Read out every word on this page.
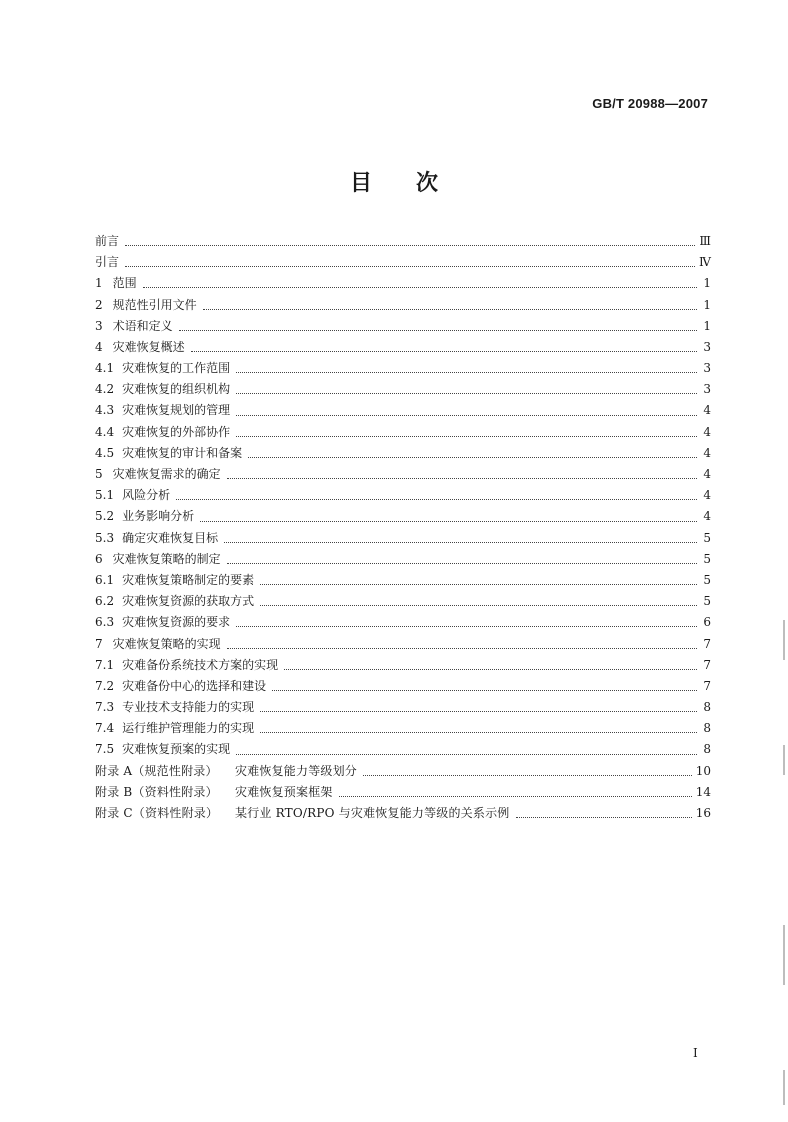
GB/T 20988—2007
目 次
前言	Ⅲ
引言	Ⅳ
1 范围	1
2 规范性引用文件	1
3 术语和定义	1
4 灾难恢复概述	3
4.1 灾难恢复的工作范围	3
4.2 灾难恢复的组织机构	3
4.3 灾难恢复规划的管理	4
4.4 灾难恢复的外部协作	4
4.5 灾难恢复的审计和备案	4
5 灾难恢复需求的确定	4
5.1 风险分析	4
5.2 业务影响分析	4
5.3 确定灾难恢复目标	5
6 灾难恢复策略的制定	5
6.1 灾难恢复策略制定的要素	5
6.2 灾难恢复资源的获取方式	5
6.3 灾难恢复资源的要求	6
7 灾难恢复策略的实现	7
7.1 灾难备份系统技术方案的实现	7
7.2 灾难备份中心的选择和建设	7
7.3 专业技术支持能力的实现	8
7.4 运行维护管理能力的实现	8
7.5 灾难恢复预案的实现	8
附录 A（规范性附录） 灾难恢复能力等级划分	10
附录 B（资料性附录） 灾难恢复预案框架	14
附录 C（资料性附录） 某行业 RTO/RPO 与灾难恢复能力等级的关系示例	16
I
